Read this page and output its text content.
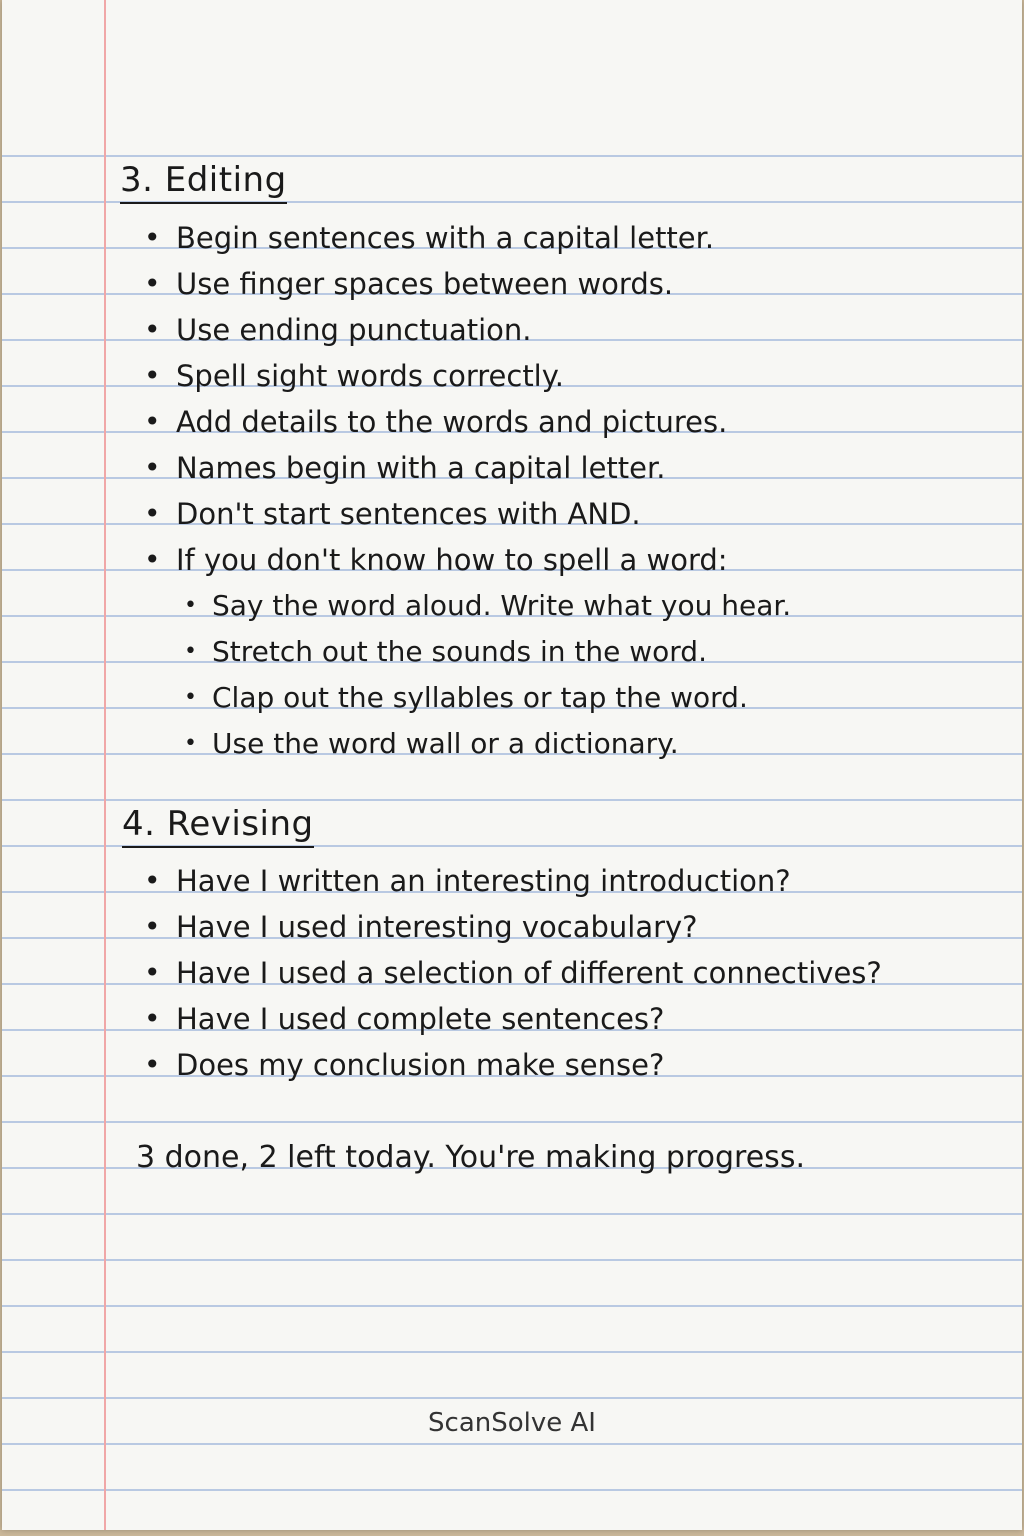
3. Editing
• Begin sentences with a capital letter.
• Use finger spaces between words.
• Use ending punctuation.
• Spell sight words correctly.
• Add details to the words and pictures.
• Names begin with a capital letter.
• Don't start sentences with AND.
• If you don't know how to spell a word:
• Say the word aloud. Write what you hear.
• Stretch out the sounds in the word.
• Clap out the syllables or tap the word.
• Use the word wall or a dictionary.
4. Revising
• Have I written an interesting introduction?
• Have I used interesting vocabulary?
• Have I used a selection of different connectives?
• Have I used complete sentences?
• Does my conclusion make sense?
3 done, 2 left today. You're making progress.
ScanSolve AI
